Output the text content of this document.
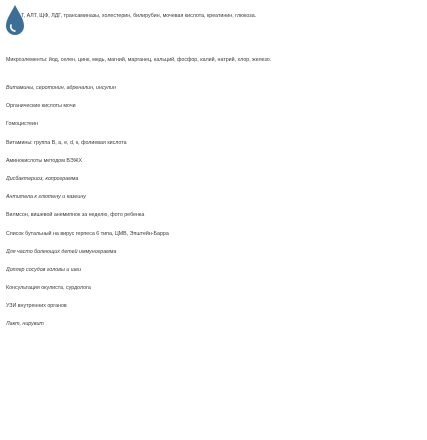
Т, АЛТ, ЩФ, ЛДГ, трансаминазы, холестерин, билирубин, мочевая кислота, креатинин, глюкоза.
Микроэлементы: йод, селен, цинк, медь, магний, марганец, кальций, фосфор, калий, натрий, хлор, железо.
Витамины, серотонин, адреналин, инсулин
Органические кислоты мочи
Гомоцистеин
Витамины: группа В, a, е, d, к, фолиевая кислота
Аминокислоты методом ВЭЖХ
Дисбактериоз, копрограмма
Антитела к глютену и казеину
Вилмсон, вишевой анемипнок за неделю, фото ребенка
Список бутальный на вирус герпеса 6 типа, ЦМВ, Эпштейн-Барра
Для часто болеющих детей иммунограмма
Доплер сосудов головы и шеи
Консультация окулиста, сурдолога
УЗИ внутренних органов
Лакт, нирувит
